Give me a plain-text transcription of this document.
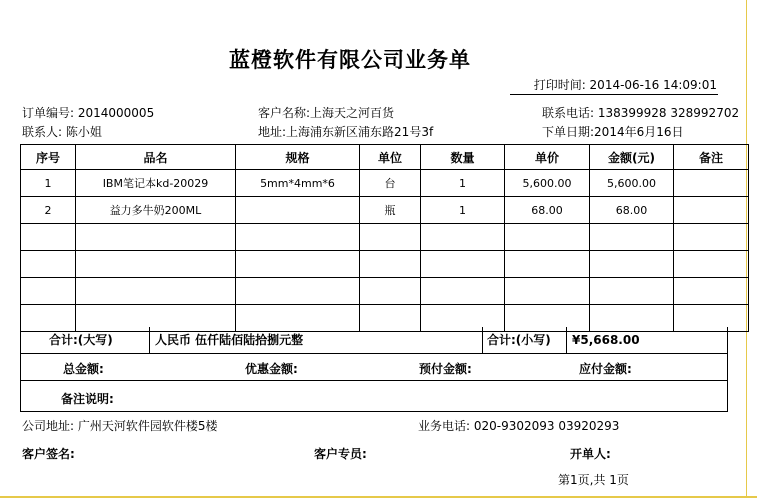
蓝橙软件有限公司业务单
打印时间: 2014-06-16 14:09:01
订单编号: 2014000005	客户名称:上海天之河百货	联系电话: 138399928 328992702
联系人: 陈小姐	地址:上海浦东新区浦东路21号3f	下单日期:2014年6月16日
序号	品名	规格	单位	数量	单价	金额(元)	备注
1	IBM笔记本kd-20029	5mm*4mm*6	台	1	5,600.00	5,600.00	
2	益力多牛奶200ML		瓶	1	68.00	68.00	

合计:(大写)	人民币 伍仟陆佰陆拾捌元整	合计:(小写) ¥5,668.00
总金额:	优惠金额:	预付金额:	应付金额:
备注说明:
公司地址: 广州天河软件园软件楼5楼	业务电话: 020-9302093 03920293
客户签名:	客户专员:	开单人:
第1页,共 1页
